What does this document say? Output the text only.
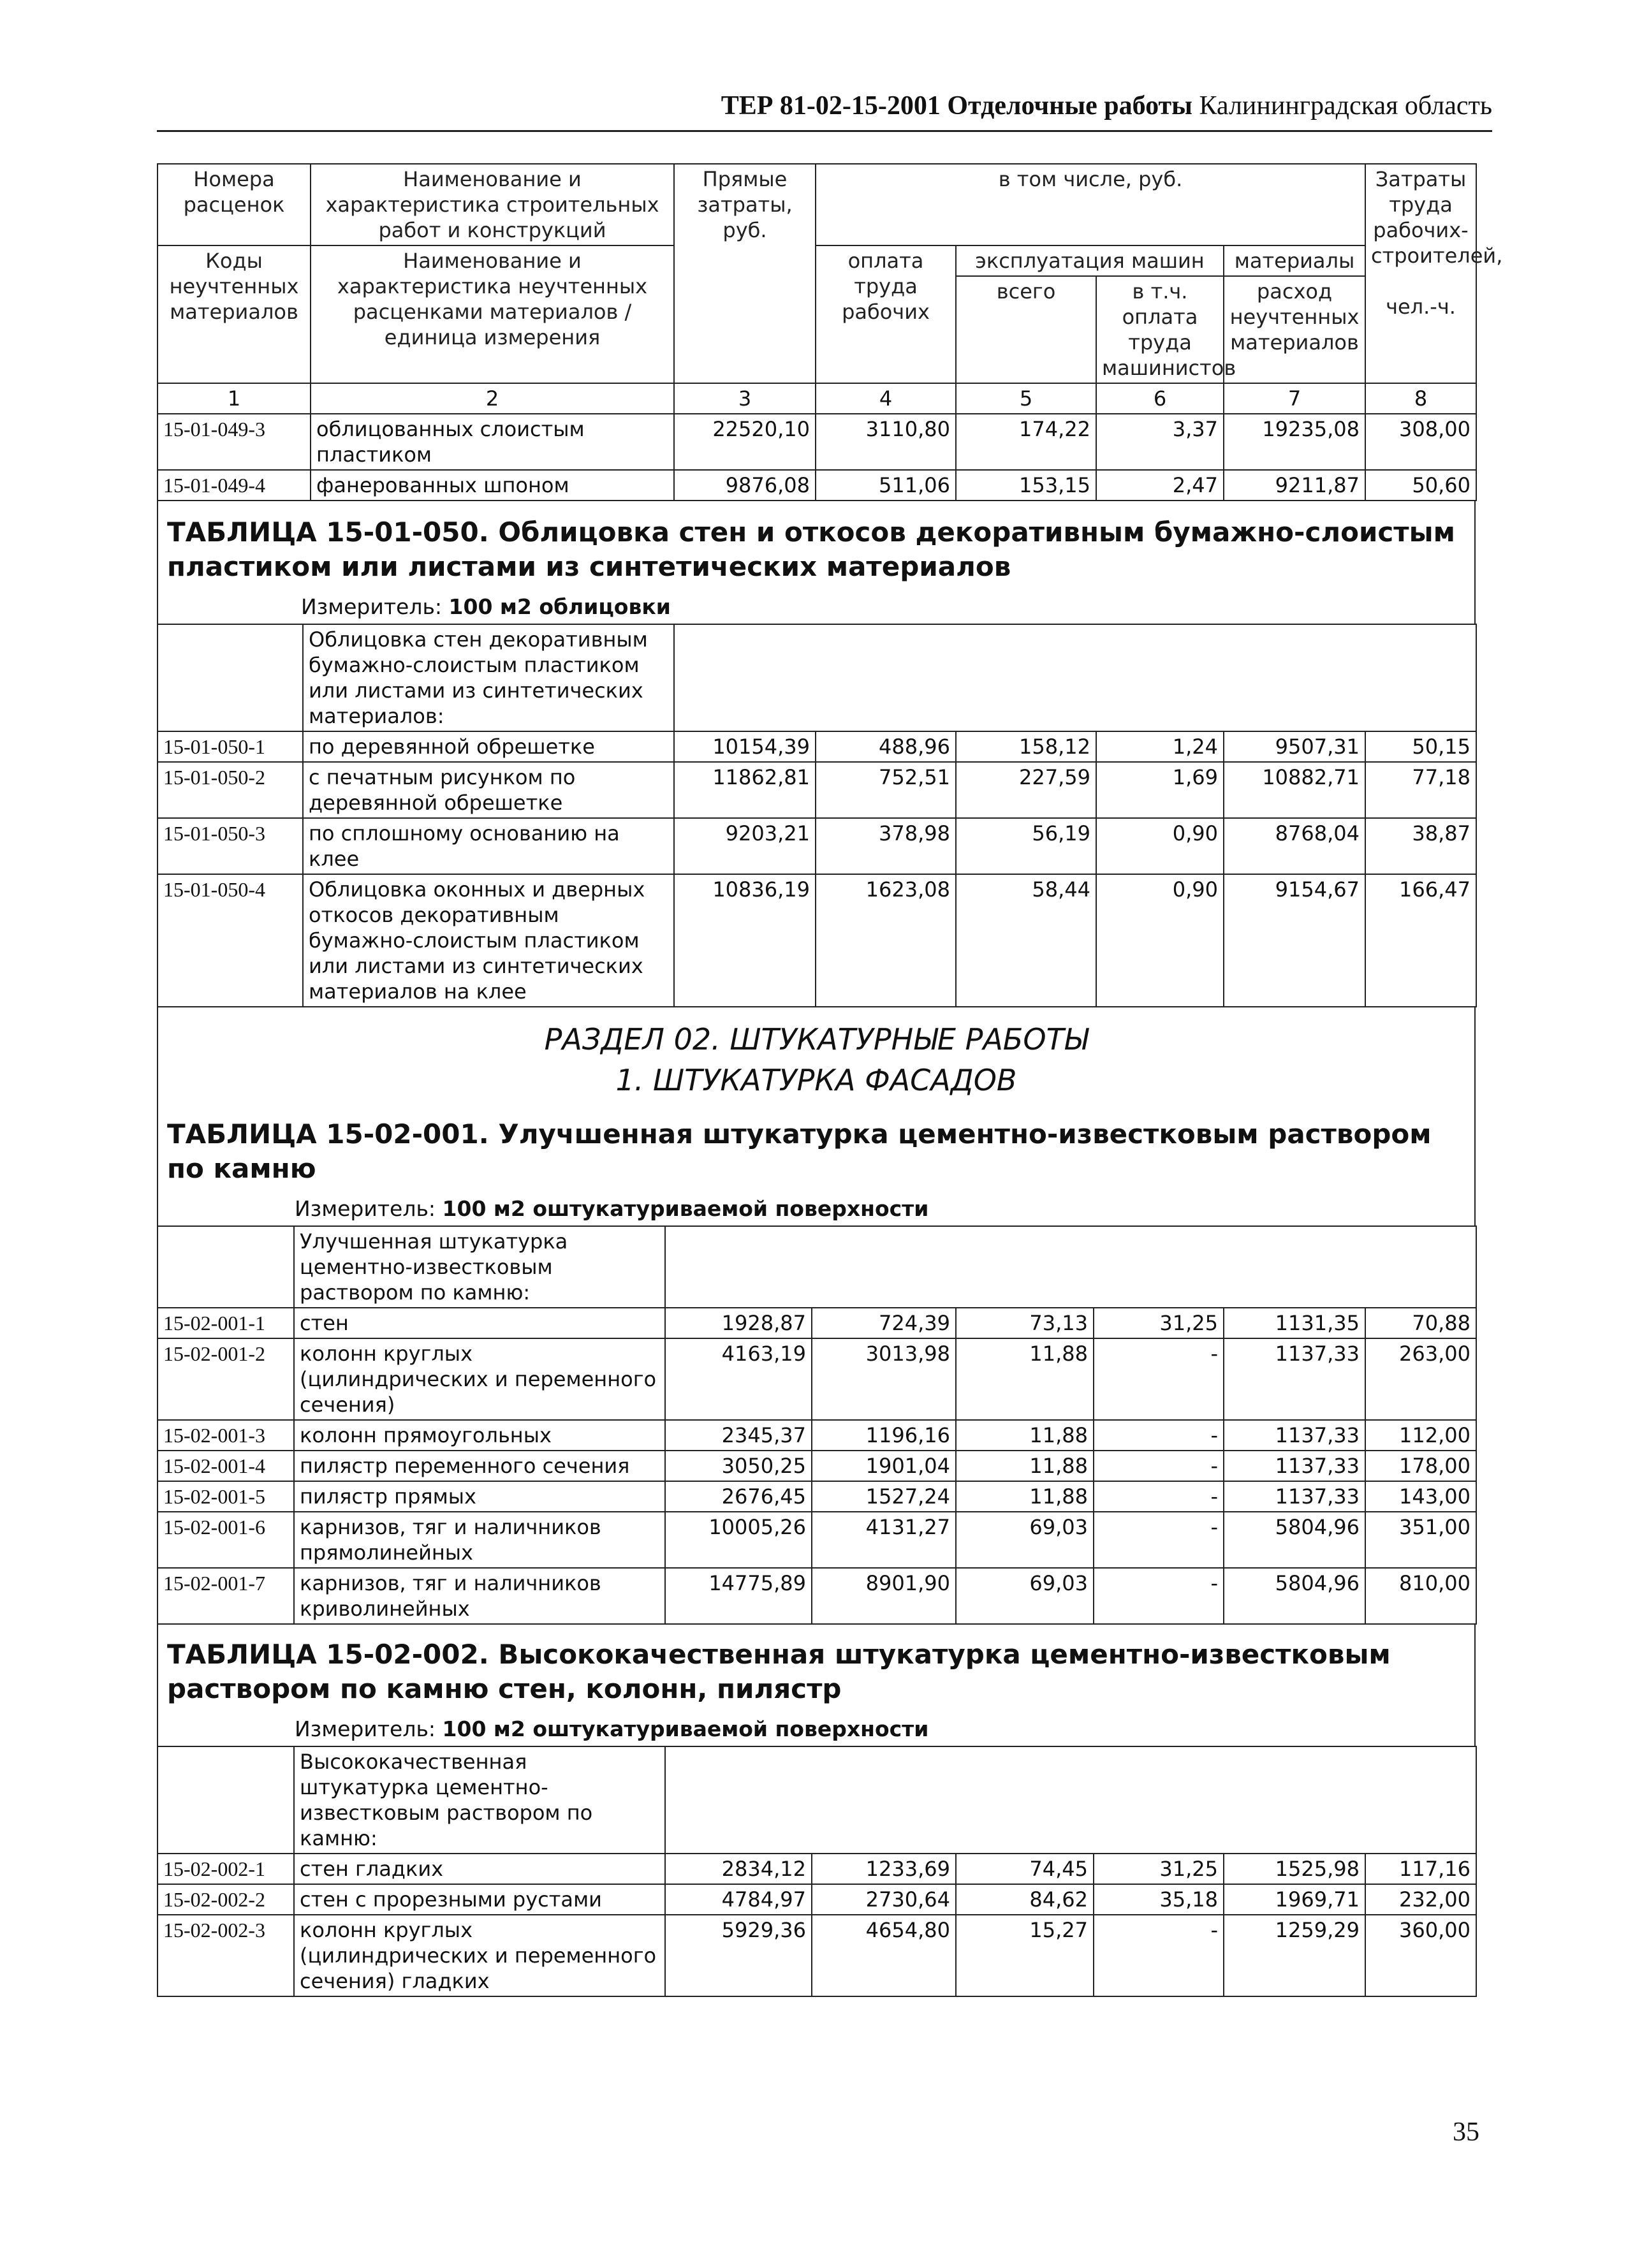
ТЕР 81-02-15-2001 Отделочные работы Калининградская область
Номера расценок	Наименование и характеристика строительных работ и конструкций	Прямые затраты, руб.	в том числе, руб.				Затраты труда рабочих-строителей,

чел.-ч.
Коды неучтенных материалов	Наименование и характеристика неучтенных расценками материалов / единица измерения		оплата труда рабочих	эксплуатация машин		материалы	
				всего	в т.ч. оплата труда машинистов	расход неучтенных материалов	
1	2	3	4	5	6	7	8
15-01-049-3	облицованных слоистым пластиком	22520,10	3110,80	174,22	3,37	19235,08	308,00
15-01-049-4	фанерованных шпоном	9876,08	511,06	153,15	2,47	9211,87	50,60

ТАБЛИЦА 15-01-050. Облицовка стен и откосов декоративным бумажно-слоистым пластиком или листами из синтетических материалов

Измеритель: 100 м2 облицовки
	Облицовка стен декоративным бумажно-слоистым пластиком или листами из синтетических материалов:						
15-01-050-1	по деревянной обрешетке	10154,39	488,96	158,12	1,24	9507,31	50,15
15-01-050-2	с печатным рисунком по деревянной обрешетке	11862,81	752,51	227,59	1,69	10882,71	77,18
15-01-050-3	по сплошному основанию на клее	9203,21	378,98	56,19	0,90	8768,04	38,87
15-01-050-4	Облицовка оконных и дверных откосов декоративным бумажно-слоистым пластиком или листами из синтетических материалов на клее	10836,19	1623,08	58,44	0,90	9154,67	166,47
РАЗДЕЛ 02. ШТУКАТУРНЫЕ РАБОТЫ
1. ШТУКАТУРКА ФАСАДОВ

ТАБЛИЦА 15-02-001. Улучшенная штукатурка цементно-известковым раствором по камню

Измеритель: 100 м2 оштукатуриваемой поверхности
	Улучшенная штукатурка цементно-известковым раствором по камню:						
15-02-001-1	стен	1928,87	724,39	73,13	31,25	1131,35	70,88
15-02-001-2	колонн круглых (цилиндрических и переменного сечения)	4163,19	3013,98	11,88	-	1137,33	263,00
15-02-001-3	колонн прямоугольных	2345,37	1196,16	11,88	-	1137,33	112,00
15-02-001-4	пилястр переменного сечения	3050,25	1901,04	11,88	-	1137,33	178,00
15-02-001-5	пилястр прямых	2676,45	1527,24	11,88	-	1137,33	143,00
15-02-001-6	карнизов, тяг и наличников прямолинейных	10005,26	4131,27	69,03	-	5804,96	351,00
15-02-001-7	карнизов, тяг и наличников криволинейных	14775,89	8901,90	69,03	-	5804,96	810,00

ТАБЛИЦА 15-02-002. Высококачественная штукатурка цементно-известковым раствором по камню стен, колонн, пилястр

Измеритель: 100 м2 оштукатуриваемой поверхности
	Высококачественная штукатурка цементно-известковым раствором по камню:						
15-02-002-1	стен гладких	2834,12	1233,69	74,45	31,25	1525,98	117,16
15-02-002-2	стен с прорезными рустами	4784,97	2730,64	84,62	35,18	1969,71	232,00
15-02-002-3	колонн круглых (цилиндрических и переменного сечения) гладких	5929,36	4654,80	15,27	-	1259,29	360,00
35
